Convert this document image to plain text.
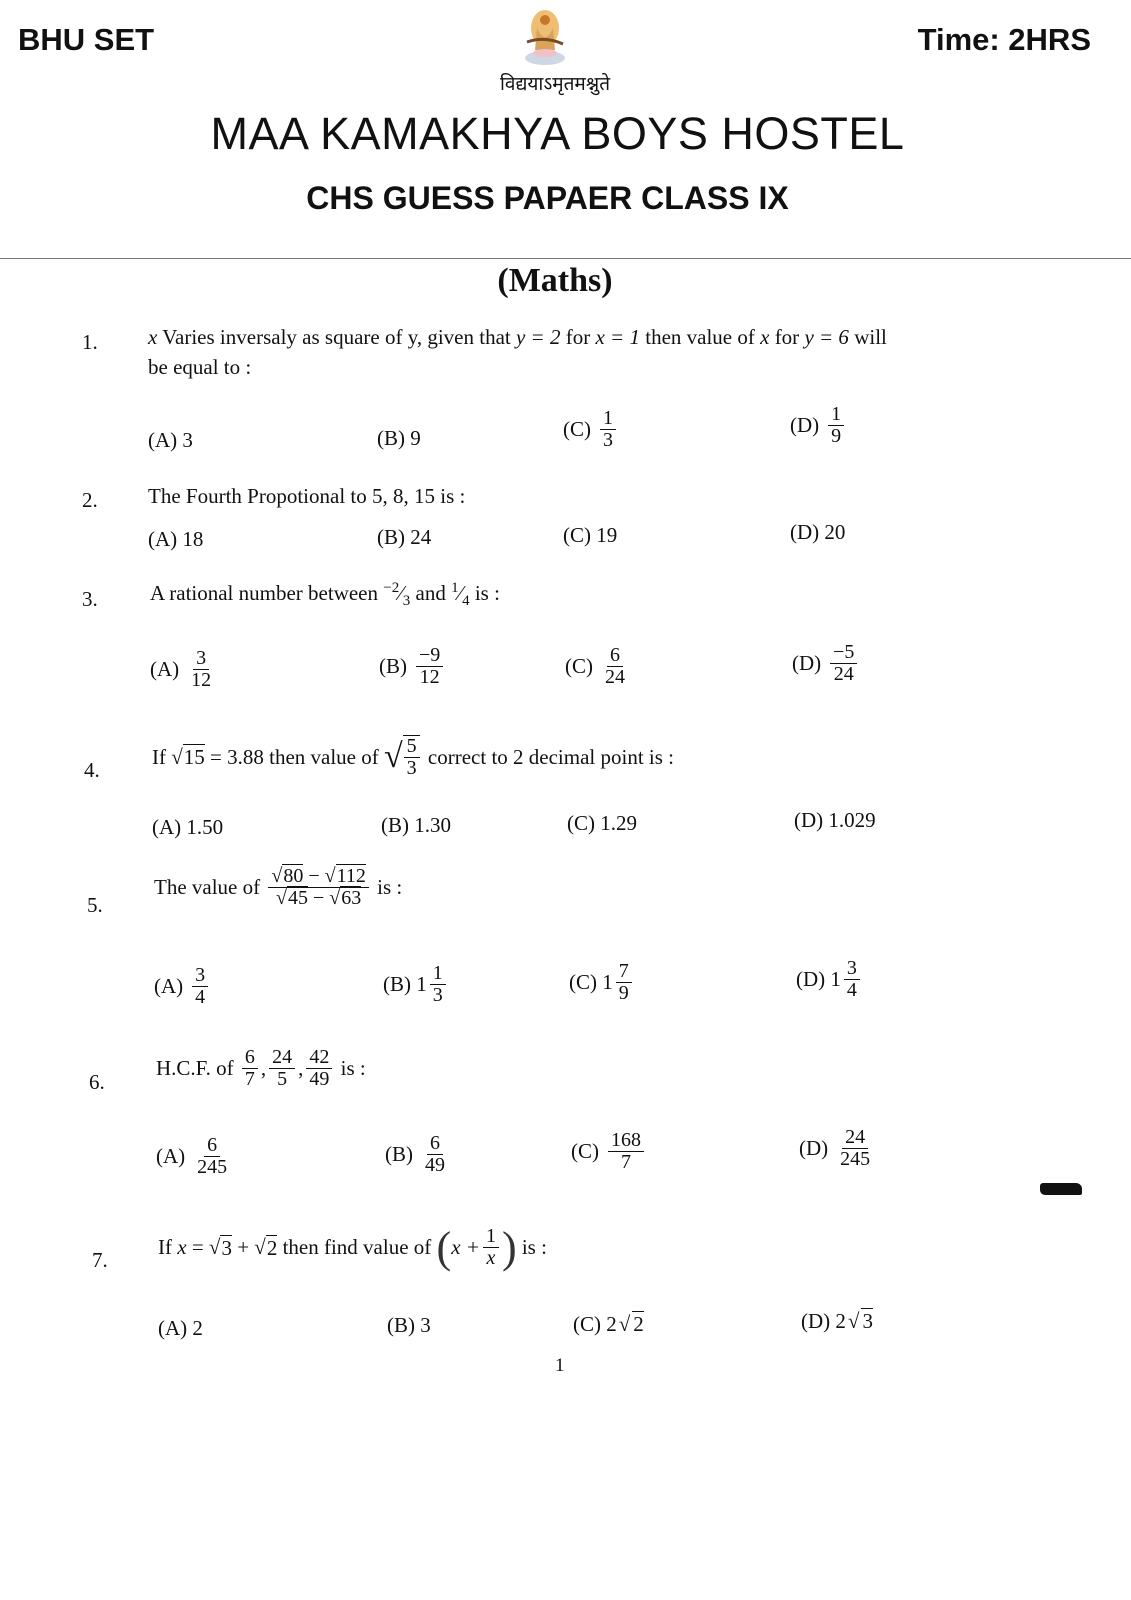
BHU SET	Time: 2HRS
विद्ययाऽमृतमश्नुते
MAA KAMAKHYA BOYS HOSTEL
CHS GUESS PAPAER CLASS IX
(Maths)
1. x Varies inversaly as square of y, given that y = 2 for x = 1 then value of x for y = 6 will
be equal to :
(A) 3	(B) 9	$(C) \frac{1}{3}$	$(D) \frac{1}{9}$
2. The Fourth Propotional to 5, 8, 15 is :
(A) 18	(B) 24	(C) 19	(D) 20
3. A rational number between $^{-2}⁄_3$ and $^1⁄_4$ is :
$(A) \frac{3}{12}$	$(B) \frac{-9}{12}$	$(C) \frac{6}{24}$	$(D) \frac{-5}{24}$
4.
If √ 15 = 3.88 then value of √ $\frac{5}{3}$ correct to 2 decimal point is :
(A) 1.50	(B) 1.30	(C) 1.29	(D) 1.029
5.
The value of $\frac{√80 - √112}{√45 - √63}$ is :
$(A) \frac{3}{4}$	(B) $1 \frac{1}{3}$	(C) $1 \frac{7}{9}$	(D) $1 \frac{3}{4}$
6.
H.C.F. of $\frac{6}{7}$ , $\frac{24}{5}$ , $\frac{42}{49}$ is :
$(A) \frac{6}{245}$	$(B) \frac{6}{49}$	$(C) \frac{168}{7}$	$(D) \frac{24}{245}$
7.
If x = √ 3 + √ 2 then find value of ( $x + \frac{1}{x}$ ) is :
(A) 2	(B) 3	(C) 2 √ 2	(D) 2 √ 3
1
